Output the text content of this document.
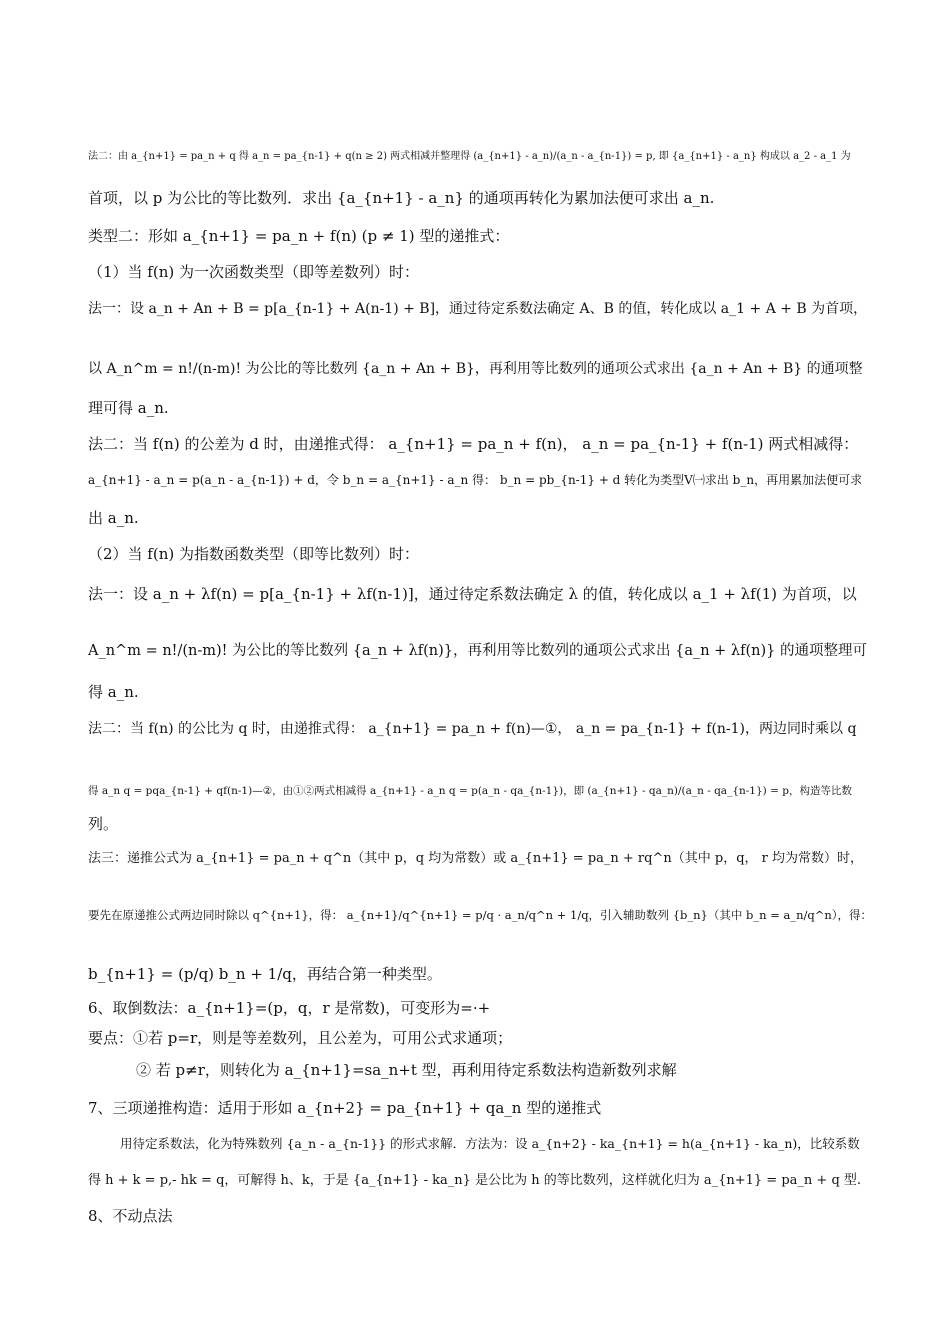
法二：由 a_{n+1} = pa_n + q 得 a_n = pa_{n-1} + q(n ≥ 2) 两式相减并整理得 (a_{n+1} - a_n)/(a_n - a_{n-1}) = p, 即 {a_{n+1} - a_n} 构成以 a_2 - a_1 为
首项，以 p 为公比的等比数列．求出 {a_{n+1} - a_n} 的通项再转化为累加法便可求出 a_n.
类型二：形如 a_{n+1} = pa_n + f(n) (p ≠ 1) 型的递推式：
（1）当 f(n) 为一次函数类型（即等差数列）时：
法一：设 a_n + An + B = p[a_{n-1} + A(n-1) + B]，通过待定系数法确定 A、B 的值，转化成以 a_1 + A + B 为首项，
以 A_n^m = n!/(n-m)! 为公比的等比数列 {a_n + An + B}，再利用等比数列的通项公式求出 {a_n + An + B} 的通项整
理可得 a_n.
法二：当 f(n) 的公差为 d 时，由递推式得： a_{n+1} = pa_n + f(n)， a_n = pa_{n-1} + f(n-1) 两式相减得：
a_{n+1} - a_n = p(a_n - a_{n-1}) + d，令 b_n = a_{n+1} - a_n 得： b_n = pb_{n-1} + d 转化为类型Ⅴ㈠求出 b_n，再用累加法便可求
出 a_n.
（2）当 f(n) 为指数函数类型（即等比数列）时：
法一：设 a_n + λf(n) = p[a_{n-1} + λf(n-1)]，通过待定系数法确定 λ 的值，转化成以 a_1 + λf(1) 为首项，以
A_n^m = n!/(n-m)! 为公比的等比数列 {a_n + λf(n)}，再利用等比数列的通项公式求出 {a_n + λf(n)} 的通项整理可
得 a_n.
法二：当 f(n) 的公比为 q 时，由递推式得： a_{n+1} = pa_n + f(n)—①， a_n = pa_{n-1} + f(n-1)，两边同时乘以 q
得 a_n q = pqa_{n-1} + qf(n-1)—②，由①②两式相减得 a_{n+1} - a_n q = p(a_n - qa_{n-1})，即 (a_{n+1} - qa_n)/(a_n - qa_{n-1}) = p，构造等比数
列。
法三：递推公式为 a_{n+1} = pa_n + q^n（其中 p，q 均为常数）或 a_{n+1} = pa_n + rq^n（其中 p，q， r 均为常数）时，
要先在原递推公式两边同时除以 q^{n+1}，得： a_{n+1}/q^{n+1} = p/q · a_n/q^n + 1/q，引入辅助数列 {b_n}（其中 b_n = a_n/q^n），得：
b_{n+1} = (p/q) b_n + 1/q，再结合第一种类型。
6、取倒数法：a_{n+1}=(p，q，r 是常数)，可变形为=·+
要点：①若 p=r，则是等差数列，且公差为，可用公式求通项；
② 若 p≠r，则转化为 a_{n+1}=sa_n+t 型，再利用待定系数法构造新数列求解
7、三项递推构造：适用于形如 a_{n+2} = pa_{n+1} + qa_n 型的递推式
用待定系数法，化为特殊数列 {a_n - a_{n-1}} 的形式求解．方法为：设 a_{n+2} - ka_{n+1} = h(a_{n+1} - ka_n)，比较系数
得 h + k = p,- hk = q，可解得 h、k，于是 {a_{n+1} - ka_n} 是公比为 h 的等比数列，这样就化归为 a_{n+1} = pa_n + q 型.
8、不动点法
